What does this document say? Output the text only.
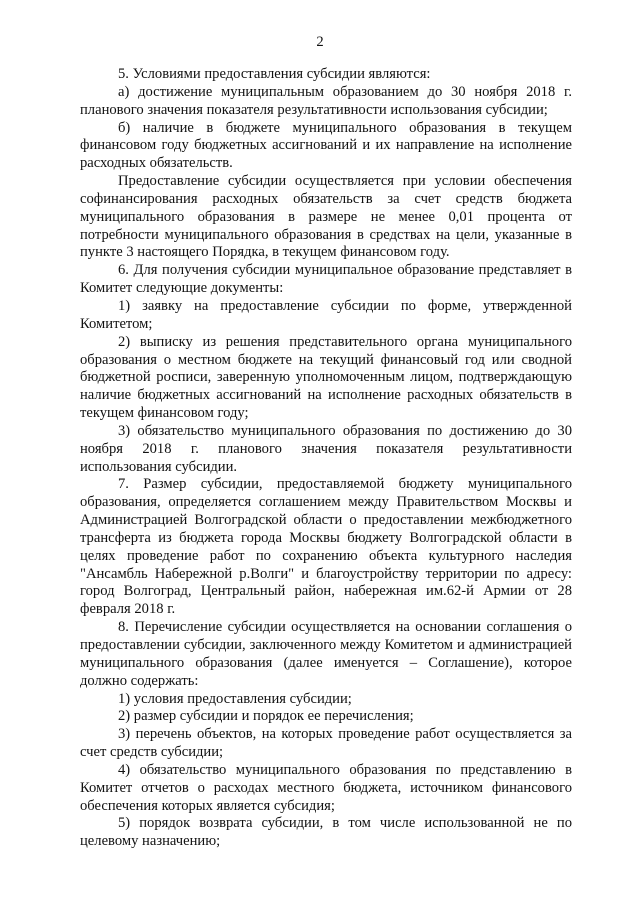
2

5. Условиями предоставления субсидии являются:

а) достижение муниципальным образованием до 30 ноября 2018 г. планового значения показателя результативности использования субсидии;

б) наличие в бюджете муниципального образования в текущем финансовом году бюджетных ассигнований и их направление на исполнение расходных обязательств.

Предоставление субсидии осуществляется при условии обеспечения софинансирования расходных обязательств за счет средств бюджета муниципального образования в размере не менее 0,01 процента от потребности муниципального образования в средствах на цели, указанные в пункте 3 настоящего Порядка, в текущем финансовом году.

6. Для получения субсидии муниципальное образование представляет в Комитет следующие документы:

1) заявку на предоставление субсидии по форме, утвержденной Комитетом;

2) выписку из решения представительного органа муниципального образования о местном бюджете на текущий финансовый год или сводной бюджетной росписи, заверенную уполномоченным лицом, подтверждающую наличие бюджетных ассигнований на исполнение расходных обязательств в текущем финансовом году;

3) обязательство муниципального образования по достижению до 30 ноября 2018 г. планового значения показателя результативности использования субсидии.

7. Размер субсидии, предоставляемой бюджету муниципального образования, определяется соглашением между Правительством Москвы и Администрацией Волгоградской области о предоставлении межбюджетного трансферта из бюджета города Москвы бюджету Волгоградской области в целях проведение работ по сохранению объекта культурного наследия "Ансамбль Набережной р.Волги" и благоустройству территории по адресу: город Волгоград, Центральный район, набережная им.62-й Армии от 28 февраля 2018 г.

8. Перечисление субсидии осуществляется на основании соглашения о предоставлении субсидии, заключенного между Комитетом и администрацией муниципального образования (далее именуется – Соглашение), которое должно содержать:

1) условия предоставления субсидии;

2) размер субсидии и порядок ее перечисления;

3) перечень объектов, на которых проведение работ осуществляется за счет средств субсидии;

4) обязательство муниципального образования по представлению в Комитет отчетов о расходах местного бюджета, источником финансового обеспечения которых является субсидия;

5) порядок возврата субсидии, в том числе использованной не по целевому назначению;
